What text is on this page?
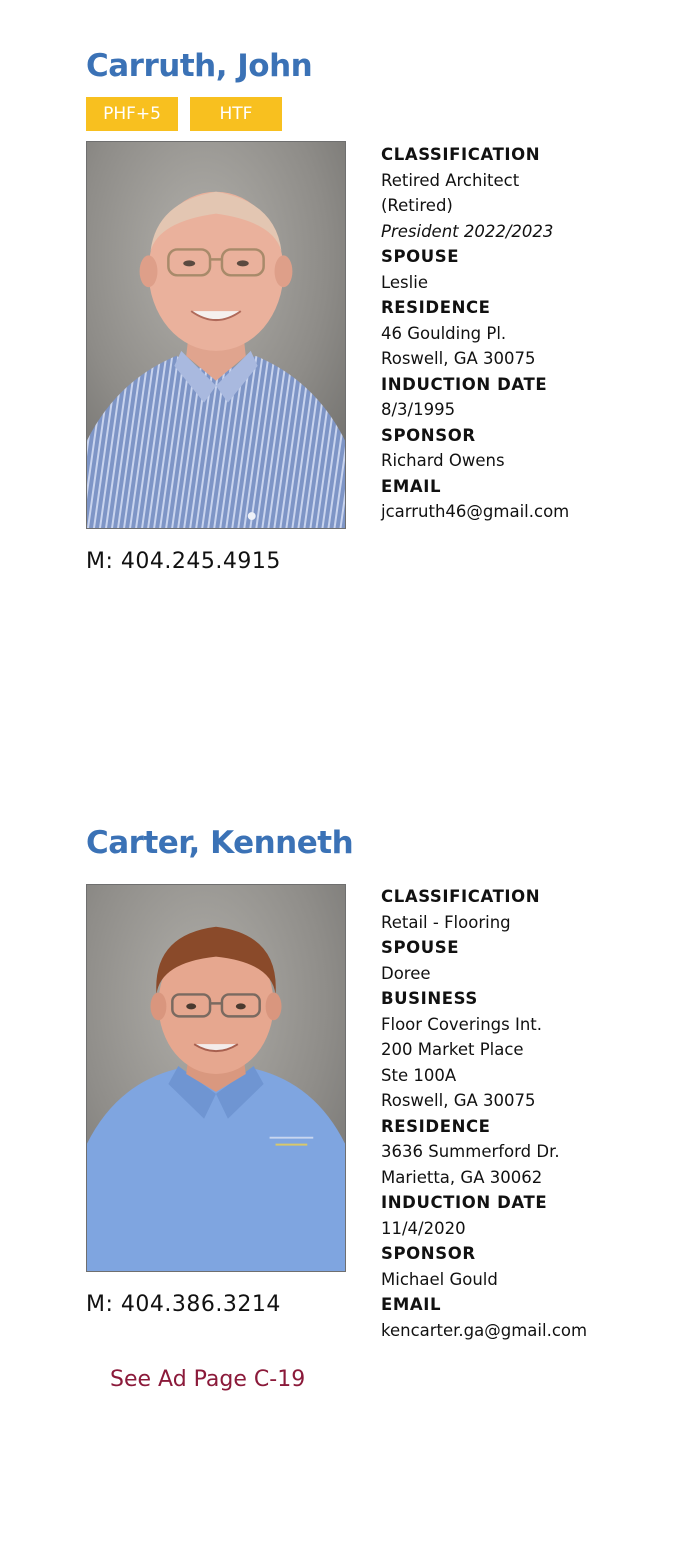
Carruth, John
PHF+5	HTF
CLASSIFICATION
Retired Architect
(Retired)
President 2022/2023
SPOUSE
Leslie
RESIDENCE
46 Goulding Pl.
Roswell, GA 30075
INDUCTION DATE
8/3/1995
SPONSOR
Richard Owens
EMAIL
jcarruth46@gmail.com
M: 404.245.4915
Carter, Kenneth
CLASSIFICATION
Retail - Flooring
SPOUSE
Doree
BUSINESS
Floor Coverings Int.
200 Market Place
Ste 100A
Roswell, GA 30075
RESIDENCE
3636 Summerford Dr.
Marietta, GA 30062
INDUCTION DATE
11/4/2020
SPONSOR
Michael Gould
EMAIL
kencarter.ga@gmail.com
M: 404.386.3214
See Ad Page C-19
